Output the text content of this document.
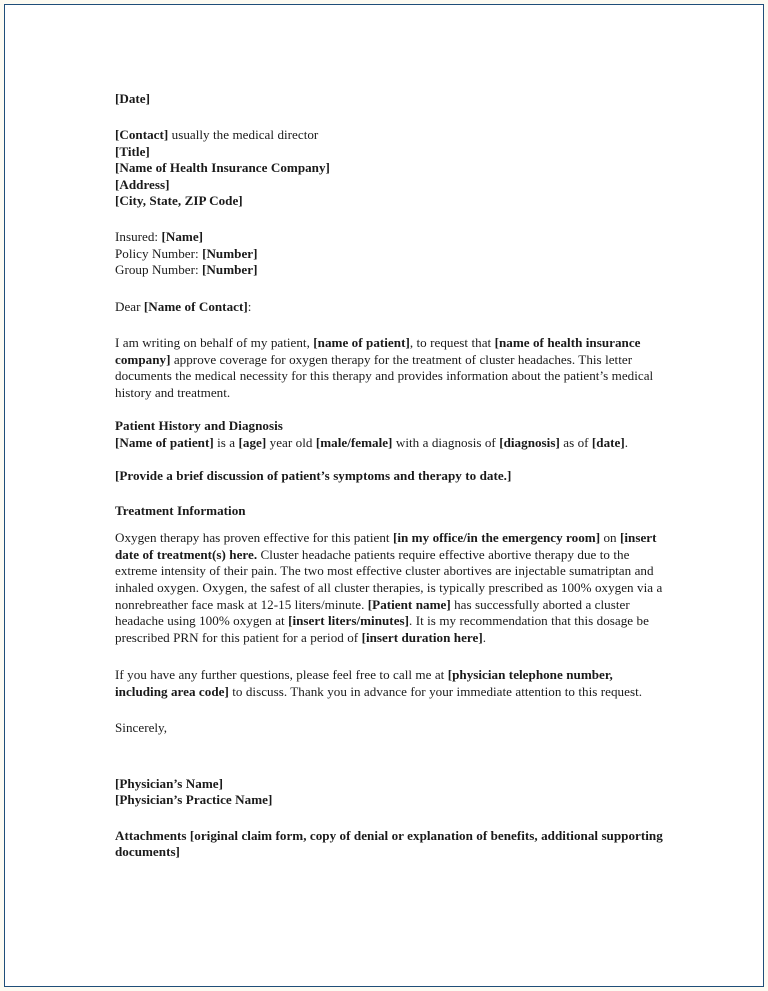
[Date]
[Contact] usually the medical director
[Title]
[Name of Health Insurance Company]
[Address]
[City, State, ZIP Code]
Insured: [Name]
Policy Number: [Number]
Group Number: [Number]
Dear [Name of Contact]:

I am writing on behalf of my patient, [name of patient], to request that [name of health insurance company] approve coverage for oxygen therapy for the treatment of cluster headaches. This letter documents the medical necessity for this therapy and provides information about the patient’s medical history and treatment.

Patient History and Diagnosis

[Name of patient] is a [age] year old [male/female] with a diagnosis of [diagnosis] as of [date].

[Provide a brief discussion of patient’s symptoms and therapy to date.]
Treatment Information

Oxygen therapy has proven effective for this patient [in my office/in the emergency room] on [insert date of treatment(s) here. Cluster headache patients require effective abortive therapy due to the extreme intensity of their pain. The two most effective cluster abortives are injectable sumatriptan and inhaled oxygen. Oxygen, the safest of all cluster therapies, is typically prescribed as 100% oxygen via a nonrebreather face mask at 12-15 liters/minute. [Patient name] has successfully aborted a cluster headache using 100% oxygen at [insert liters/minutes]. It is my recommendation that this dosage be prescribed PRN for this patient for a period of [insert duration here].

If you have any further questions, please feel free to call me at [physician telephone number, including area code] to discuss. Thank you in advance for your immediate attention to this request.

Sincerely,
[Physician’s Name]
[Physician’s Practice Name]

Attachments [original claim form, copy of denial or explanation of benefits, additional supporting documents]
